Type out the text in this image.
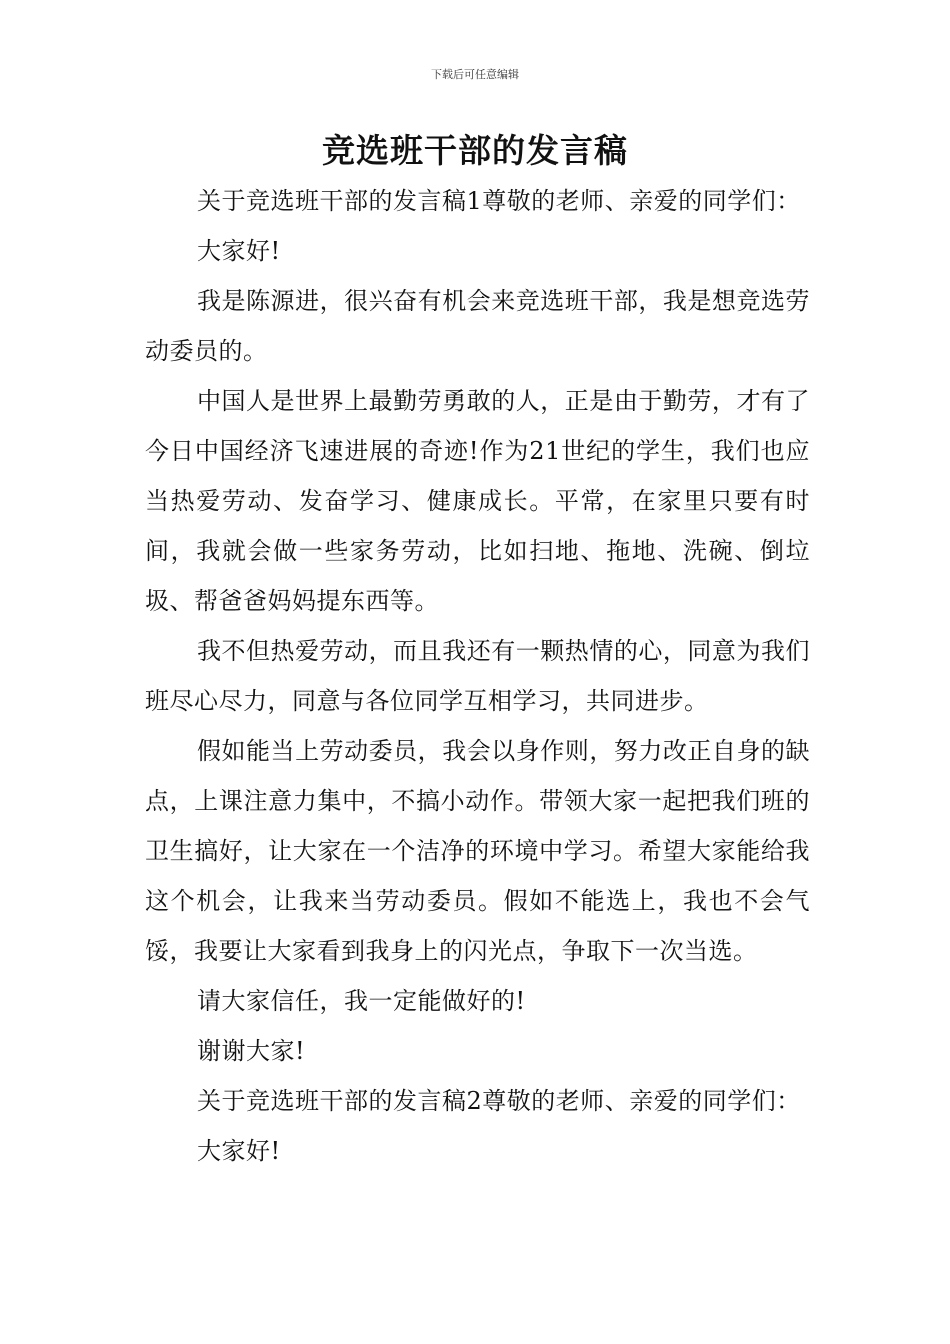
下载后可任意编辑
竞选班干部的发言稿

关于竞选班干部的发言稿1尊敬的老师、亲爱的同学们：

大家好!

我是陈源进，很兴奋有机会来竞选班干部，我是想竞选劳动委员的。

中国人是世界上最勤劳勇敢的人，正是由于勤劳，才有了今日中国经济飞速进展的奇迹!作为21世纪的学生，我们也应当热爱劳动、发奋学习、健康成长。平常，在家里只要有时间，我就会做一些家务劳动，比如扫地、拖地、洗碗、倒垃圾、帮爸爸妈妈提东西等。

我不但热爱劳动，而且我还有一颗热情的心，同意为我们班尽心尽力，同意与各位同学互相学习，共同进步。

假如能当上劳动委员，我会以身作则，努力改正自身的缺点，上课注意力集中，不搞小动作。带领大家一起把我们班的卫生搞好，让大家在一个洁净的环境中学习。希望大家能给我这个机会，让我来当劳动委员。假如不能选上，我也不会气馁，我要让大家看到我身上的闪光点，争取下一次当选。

请大家信任，我一定能做好的!

谢谢大家!

关于竞选班干部的发言稿2尊敬的老师、亲爱的同学们：

大家好!
